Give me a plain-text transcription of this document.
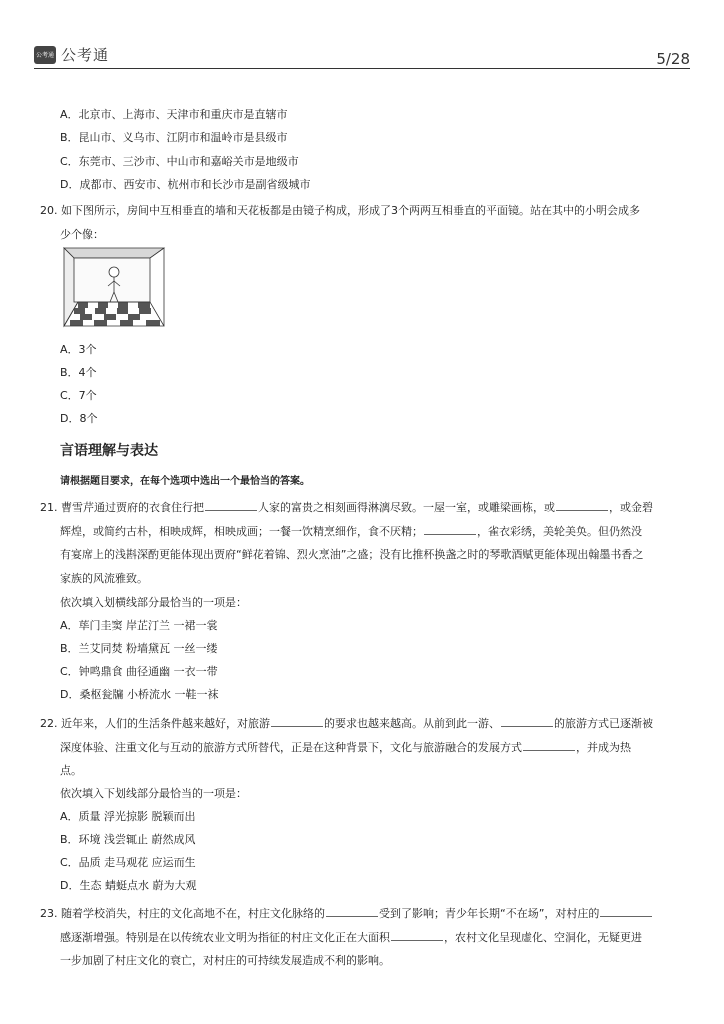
公考通 公考通	5/28
A．北京市、上海市、天津市和重庆市是直辖市
B．昆山市、义乌市、江阴市和温岭市是县级市
C．东莞市、三沙市、中山市和嘉峪关市是地级市
D．成都市、西安市、杭州市和长沙市是副省级城市
20. 如下图所示，房间中互相垂直的墙和天花板都是由镜子构成，形成了3个两两互相垂直的平面镜。站在其中的小明会成多
少个像：
A．3个
B．4个
C．7个
D．8个
言语理解与表达
请根据题目要求，在每个选项中选出一个最恰当的答案。
21. 曹雪芹通过贾府的衣食住行把	人家的富贵之相刻画得淋漓尽致。一屋一室，或雕梁画栋，或	，或金碧
辉煌，或简约古朴，相映成辉，相映成画；一餐一饮精烹细作，食不厌精；	，雀衣彩绣，美轮美奂。但仍然没
有宴席上的浅斟深酌更能体现出贾府“鲜花着锦、烈火烹油”之盛；没有比推杯换盏之时的琴歌酒赋更能体现出翰墨书香之
家族的风流雅致。
依次填入划横线部分最恰当的一项是：
A．荜门圭窦 岸芷汀兰 一裙一裳
B．兰艾同焚 粉墙黛瓦 一丝一缕
C．钟鸣鼎食 曲径通幽 一衣一带
D．桑枢瓮牖 小桥流水 一鞋一袜
22. 近年来，人们的生活条件越来越好，对旅游	的要求也越来越高。从前到此一游、	的旅游方式已逐渐被
深度体验、注重文化与互动的旅游方式所替代，正是在这种背景下，文化与旅游融合的发展方式	，并成为热
点。
依次填入下划线部分最恰当的一项是：
A．质量 浮光掠影 脱颖而出
B．环境 浅尝辄止 蔚然成风
C．品质 走马观花 应运而生
D．生态 蜻蜓点水 蔚为大观
23. 随着学校消失，村庄的文化高地不在，村庄文化脉络的	受到了影响；青少年长期“不在场”，对村庄的
感逐渐增强。特别是在以传统农业文明为指征的村庄文化正在大面积	，农村文化呈现虚化、空洞化，无疑更进
一步加剧了村庄文化的衰亡，对村庄的可持续发展造成不利的影响。
